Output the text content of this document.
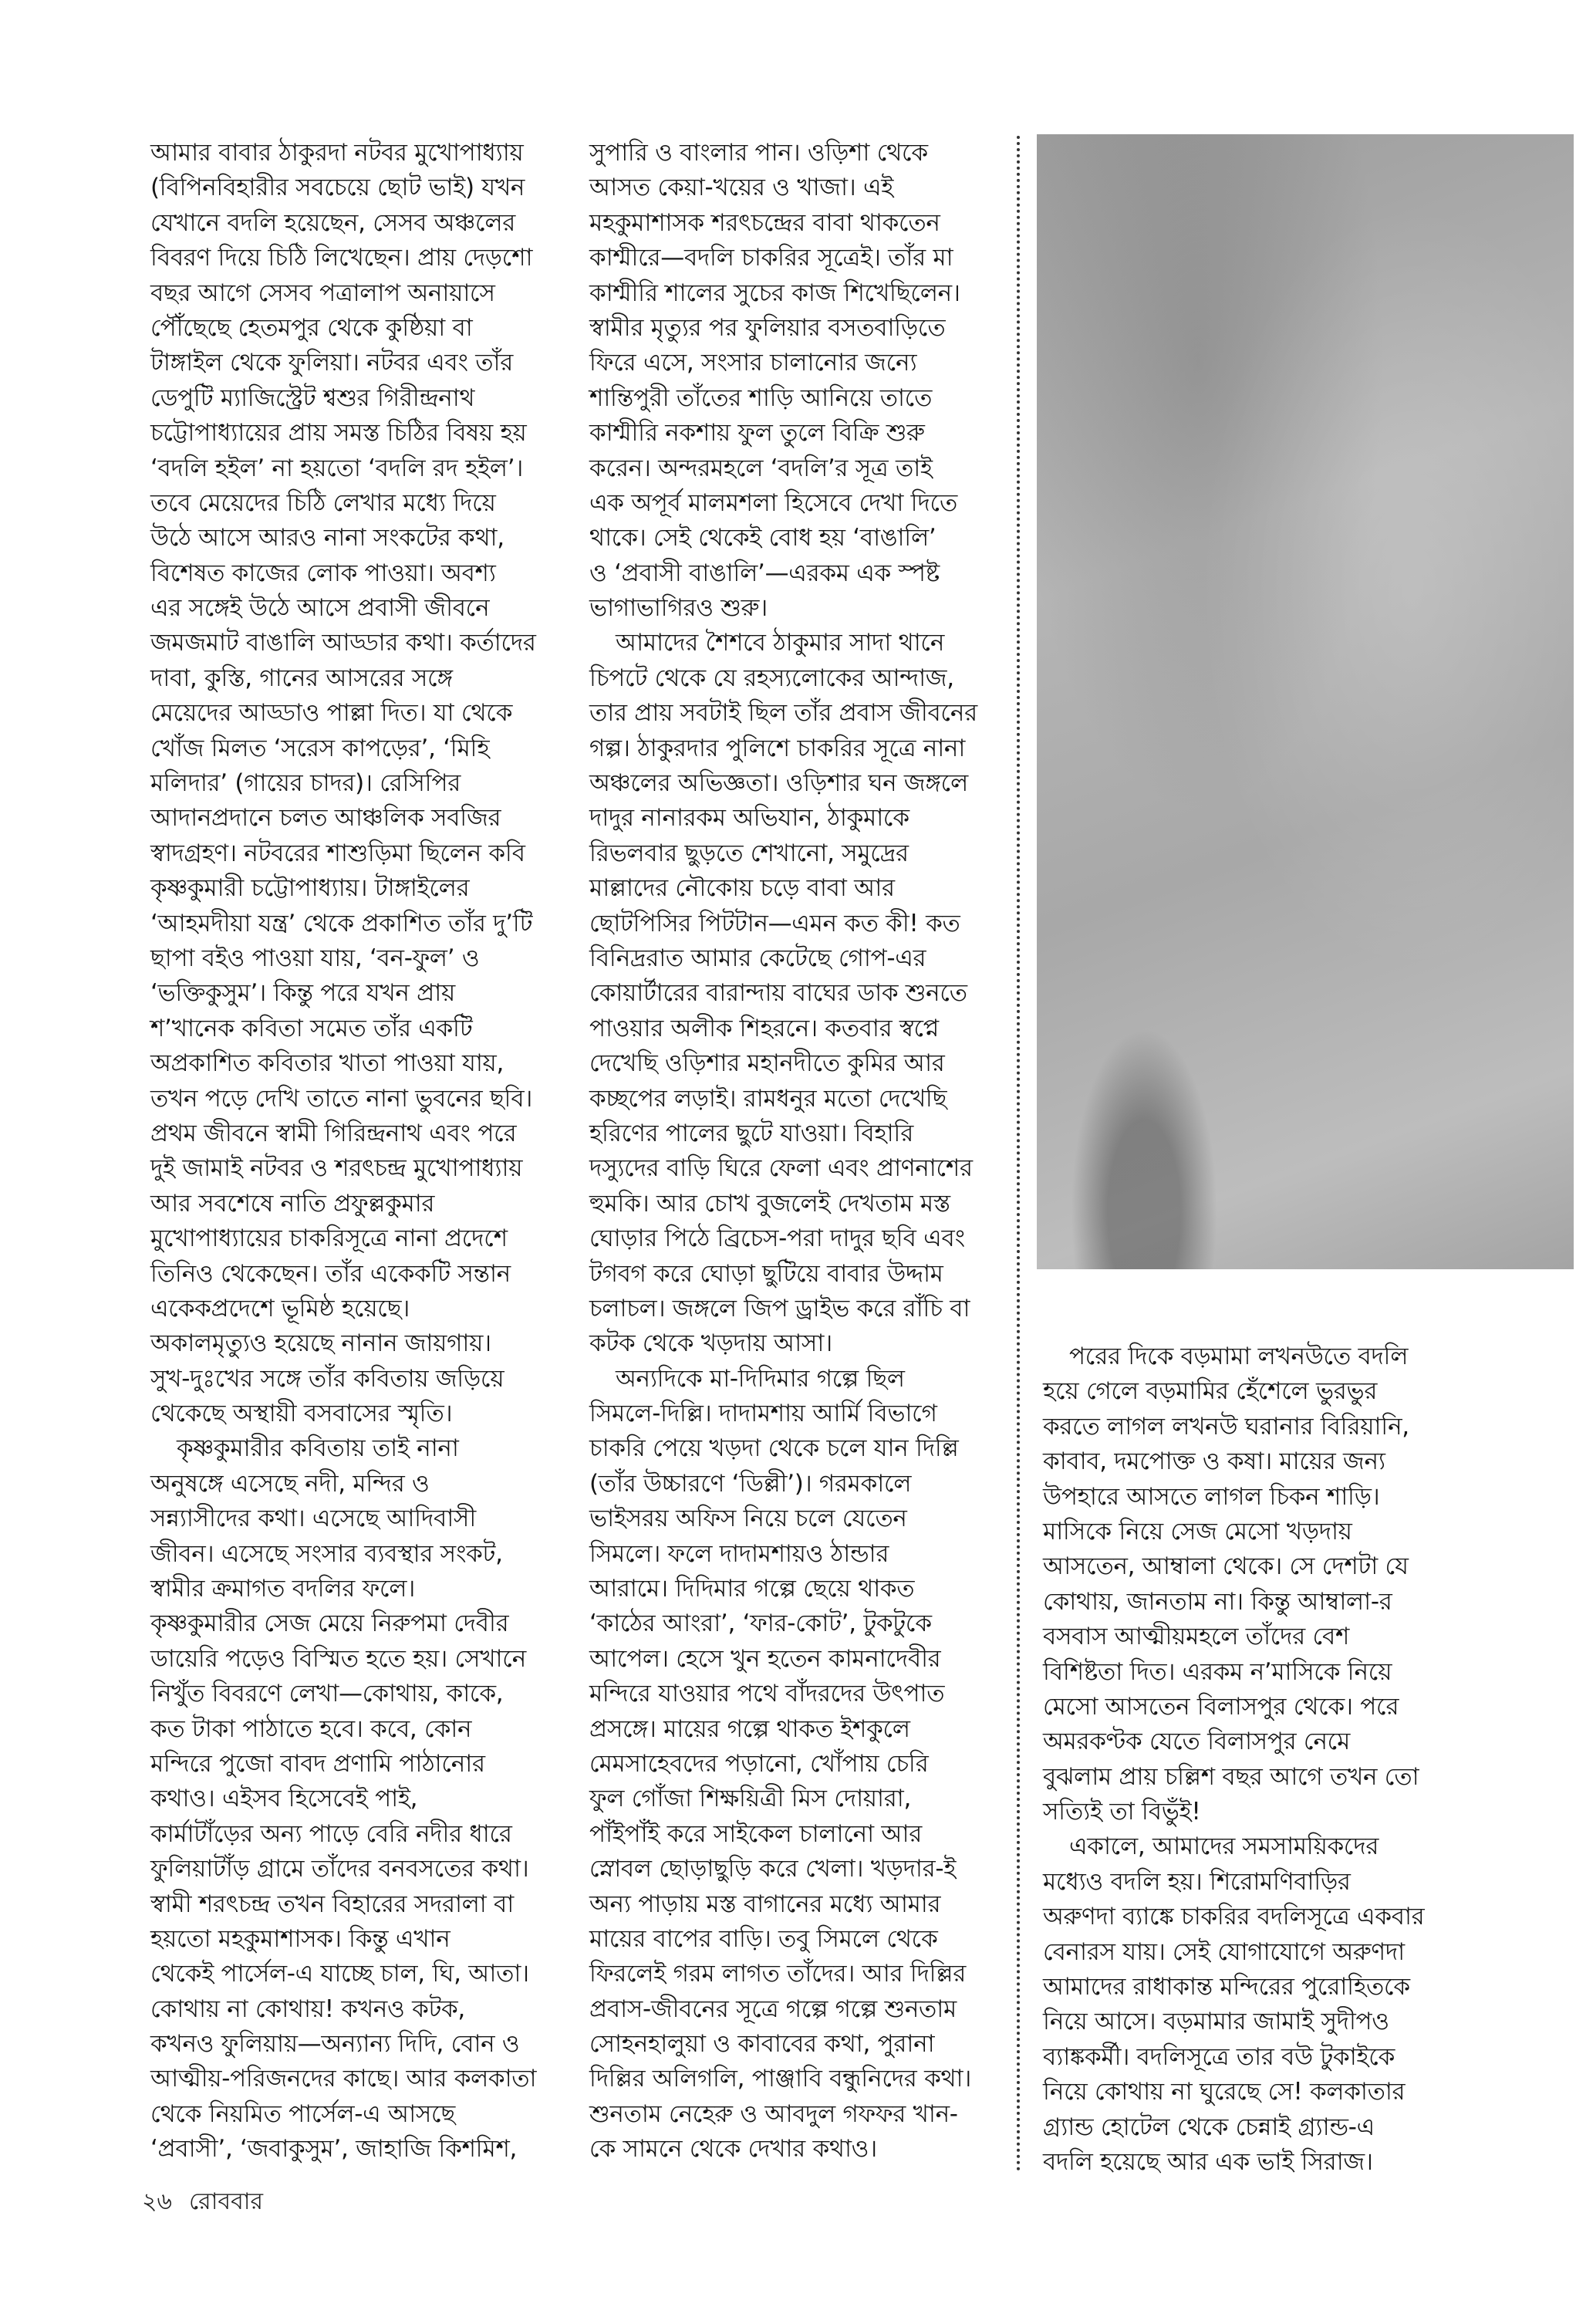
আমার বাবার ঠাকুরদা নটবর মুখোপাধ্যায়
(বিপিনবিহারীর সবচেয়ে ছোট ভাই) যখন
যেখানে বদলি হয়েছেন, সেসব অঞ্চলের
বিবরণ দিয়ে চিঠি লিখেছেন। প্রায় দেড়শো
বছর আগে সেসব পত্রালাপ অনায়াসে
পৌঁছেছে হেতমপুর থেকে কুষ্ঠিয়া বা
টাঙ্গাইল থেকে ফুলিয়া। নটবর এবং তাঁর
ডেপুটি ম্যাজিস্ট্রেট শ্বশুর গিরীন্দ্রনাথ
চট্টোপাধ্যায়ের প্রায় সমস্ত চিঠির বিষয় হয়
‘বদলি হইল’ না হয়তো ‘বদলি রদ হইল’।
তবে মেয়েদের চিঠি লেখার মধ্যে দিয়ে
উঠে আসে আরও নানা সংকটের কথা,
বিশেষত কাজের লোক পাওয়া। অবশ্য
এর সঙ্গেই উঠে আসে প্রবাসী জীবনে
জমজমাট বাঙালি আড্ডার কথা। কর্তাদের
দাবা, কুস্তি, গানের আসরের সঙ্গে
মেয়েদের আড্ডাও পাল্লা দিত। যা থেকে
খোঁজ মিলত ‘সরেস কাপড়ের’, ‘মিহি
মলিদার’ (গায়ের চাদর)। রেসিপির
আদানপ্রদানে চলত আঞ্চলিক সবজির
স্বাদগ্রহণ। নটবরের শাশুড়িমা ছিলেন কবি
কৃষ্ণকুমারী চট্টোপাধ্যায়। টাঙ্গাইলের
‘আহমদীয়া যন্ত্র’ থেকে প্রকাশিত তাঁর দু’টি
ছাপা বইও পাওয়া যায়, ‘বন-ফুল’ ও
‘ভক্তিকুসুম’। কিন্তু পরে যখন প্রায়
শ’খানেক কবিতা সমেত তাঁর একটি
অপ্রকাশিত কবিতার খাতা পাওয়া যায়,
তখন পড়ে দেখি তাতে নানা ভুবনের ছবি।
প্রথম জীবনে স্বামী গিরিন্দ্রনাথ এবং পরে
দুই জামাই নটবর ও শরৎচন্দ্র মুখোপাধ্যায়
আর সবশেষে নাতি প্রফুল্লকুমার
মুখোপাধ্যায়ের চাকরিসূত্রে নানা প্রদেশে
তিনিও থেকেছেন। তাঁর একেকটি সন্তান
একেকপ্রদেশে ভূমিষ্ঠ হয়েছে।
অকালমৃত্যুও হয়েছে নানান জায়গায়।
সুখ-দুঃখের সঙ্গে তাঁর কবিতায় জড়িয়ে
থেকেছে অস্থায়ী বসবাসের স্মৃতি।
কৃষ্ণকুমারীর কবিতায় তাই নানা
অনুষঙ্গে এসেছে নদী, মন্দির ও
সন্ন্যাসীদের কথা। এসেছে আদিবাসী
জীবন। এসেছে সংসার ব্যবস্থার সংকট,
স্বামীর ক্রমাগত বদলির ফলে।
কৃষ্ণকুমারীর সেজ মেয়ে নিরুপমা দেবীর
ডায়েরি পড়েও বিস্মিত হতে হয়। সেখানে
নিখুঁত বিবরণে লেখা—কোথায়, কাকে,
কত টাকা পাঠাতে হবে। কবে, কোন
মন্দিরে পুজো বাবদ প্রণামি পাঠানোর
কথাও। এইসব হিসেবেই পাই,
কার্মাটাঁড়ের অন্য পাড়ে বেরি নদীর ধারে
ফুলিয়াটাঁড় গ্রামে তাঁদের বনবসতের কথা।
স্বামী শরৎচন্দ্র তখন বিহারের সদরালা বা
হয়তো মহকুমাশাসক। কিন্তু এখান
থেকেই পার্সেল-এ যাচ্ছে চাল, ঘি, আতা।
কোথায় না কোথায়! কখনও কটক,
কখনও ফুলিয়ায়—অন্যান্য দিদি, বোন ও
আত্মীয়-পরিজনদের কাছে। আর কলকাতা
থেকে নিয়মিত পার্সেল-এ আসছে
‘প্রবাসী’, ‘জবাকুসুম’, জাহাজি কিশমিশ,
সুপারি ও বাংলার পান। ওড়িশা থেকে
আসত কেয়া-খয়ের ও খাজা। এই
মহকুমাশাসক শরৎচন্দ্রের বাবা থাকতেন
কাশ্মীরে—বদলি চাকরির সূত্রেই। তাঁর মা
কাশ্মীরি শালের সুচের কাজ শিখেছিলেন।
স্বামীর মৃত্যুর পর ফুলিয়ার বসতবাড়িতে
ফিরে এসে, সংসার চালানোর জন্যে
শান্তিপুরী তাঁতের শাড়ি আনিয়ে তাতে
কাশ্মীরি নকশায় ফুল তুলে বিক্রি শুরু
করেন। অন্দরমহলে ‘বদলি’র সূত্র তাই
এক অপূর্ব মালমশলা হিসেবে দেখা দিতে
থাকে। সেই থেকেই বোধ হয় ‘বাঙালি’
ও ‘প্রবাসী বাঙালি’—এরকম এক স্পষ্ট
ভাগাভাগিরও শুরু।
আমাদের শৈশবে ঠাকুমার সাদা থানে
চিপটে থেকে যে রহস্যলোকের আন্দাজ,
তার প্রায় সবটাই ছিল তাঁর প্রবাস জীবনের
গল্প। ঠাকুরদার পুলিশে চাকরির সূত্রে নানা
অঞ্চলের অভিজ্ঞতা। ওড়িশার ঘন জঙ্গলে
দাদুর নানারকম অভিযান, ঠাকুমাকে
রিভলবার ছুড়তে শেখানো, সমুদ্রের
মাল্লাদের নৌকোয় চড়ে বাবা আর
ছোটপিসির পিটটান—এমন কত কী! কত
বিনিদ্ররাত আমার কেটেছে গোপ-এর
কোয়ার্টারের বারান্দায় বাঘের ডাক শুনতে
পাওয়ার অলীক শিহরনে। কতবার স্বপ্নে
দেখেছি ওড়িশার মহানদীতে কুমির আর
কচ্ছপের লড়াই। রামধনুর মতো দেখেছি
হরিণের পালের ছুটে যাওয়া। বিহারি
দস্যুদের বাড়ি ঘিরে ফেলা এবং প্রাণনাশের
হুমকি। আর চোখ বুজলেই দেখতাম মস্ত
ঘোড়ার পিঠে ব্রিচেস-পরা দাদুর ছবি এবং
টগবগ করে ঘোড়া ছুটিয়ে বাবার উদ্দাম
চলাচল। জঙ্গলে জিপ ড্রাইভ করে রাঁচি বা
কটক থেকে খড়দায় আসা।
অন্যদিকে মা-দিদিমার গল্পে ছিল
সিমলে-দিল্লি। দাদামশায় আর্মি বিভাগে
চাকরি পেয়ে খড়দা থেকে চলে যান দিল্লি
(তাঁর উচ্চারণে ‘ডিল্লী’)। গরমকালে
ভাইসরয় অফিস নিয়ে চলে যেতেন
সিমলে। ফলে দাদামশায়ও ঠান্ডার
আরামে। দিদিমার গল্পে ছেয়ে থাকত
‘কাঠের আংরা’, ‘ফার-কোট’, টুকটুকে
আপেল। হেসে খুন হতেন কামনাদেবীর
মন্দিরে যাওয়ার পথে বাঁদরদের উৎপাত
প্রসঙ্গে। মায়ের গল্পে থাকত ইশকুলে
মেমসাহেবদের পড়ানো, খোঁপায় চেরি
ফুল গোঁজা শিক্ষয়িত্রী মিস দোয়ারা,
পাঁইপাঁই করে সাইকেল চালানো আর
স্নোবল ছোড়াছুড়ি করে খেলা। খড়দার-ই
অন্য পাড়ায় মস্ত বাগানের মধ্যে আমার
মায়ের বাপের বাড়ি। তবু সিমলে থেকে
ফিরলেই গরম লাগত তাঁদের। আর দিল্লির
প্রবাস-জীবনের সূত্রে গল্পে গল্পে শুনতাম
সোহনহালুয়া ও কাবাবের কথা, পুরানা
দিল্লির অলিগলি, পাঞ্জাবি বন্ধুনিদের কথা।
শুনতাম নেহেরু ও আবদুল গফফর খান-
কে সামনে থেকে দেখার কথাও।
পরের দিকে বড়মামা লখনউতে বদলি
হয়ে গেলে বড়মামির হেঁশেলে ভুরভুর
করতে লাগল লখনউ ঘরানার বিরিয়ানি,
কাবাব, দমপোক্ত ও কষা। মায়ের জন্য
উপহারে আসতে লাগল চিকন শাড়ি।
মাসিকে নিয়ে সেজ মেসো খড়দায়
আসতেন, আম্বালা থেকে। সে দেশটা যে
কোথায়, জানতাম না। কিন্তু আম্বালা-র
বসবাস আত্মীয়মহলে তাঁদের বেশ
বিশিষ্টতা দিত। এরকম ন’মাসিকে নিয়ে
মেসো আসতেন বিলাসপুর থেকে। পরে
অমরকণ্টক যেতে বিলাসপুর নেমে
বুঝলাম প্রায় চল্লিশ বছর আগে তখন তো
সত্যিই তা বিভুঁই!
একালে, আমাদের সমসাময়িকদের
মধ্যেও বদলি হয়। শিরোমণিবাড়ির
অরুণদা ব্যাঙ্কে চাকরির বদলিসূত্রে একবার
বেনারস যায়। সেই যোগাযোগে অরুণদা
আমাদের রাধাকান্ত মন্দিরের পুরোহিতকে
নিয়ে আসে। বড়মামার জামাই সুদীপও
ব্যাঙ্ককর্মী। বদলিসূত্রে তার বউ টুকাইকে
নিয়ে কোথায় না ঘুরেছে সে! কলকাতার
গ্র্যান্ড হোটেল থেকে চেন্নাই গ্র্যান্ড-এ
বদলি হয়েছে আর এক ভাই সিরাজ।
২৬ রোববার
